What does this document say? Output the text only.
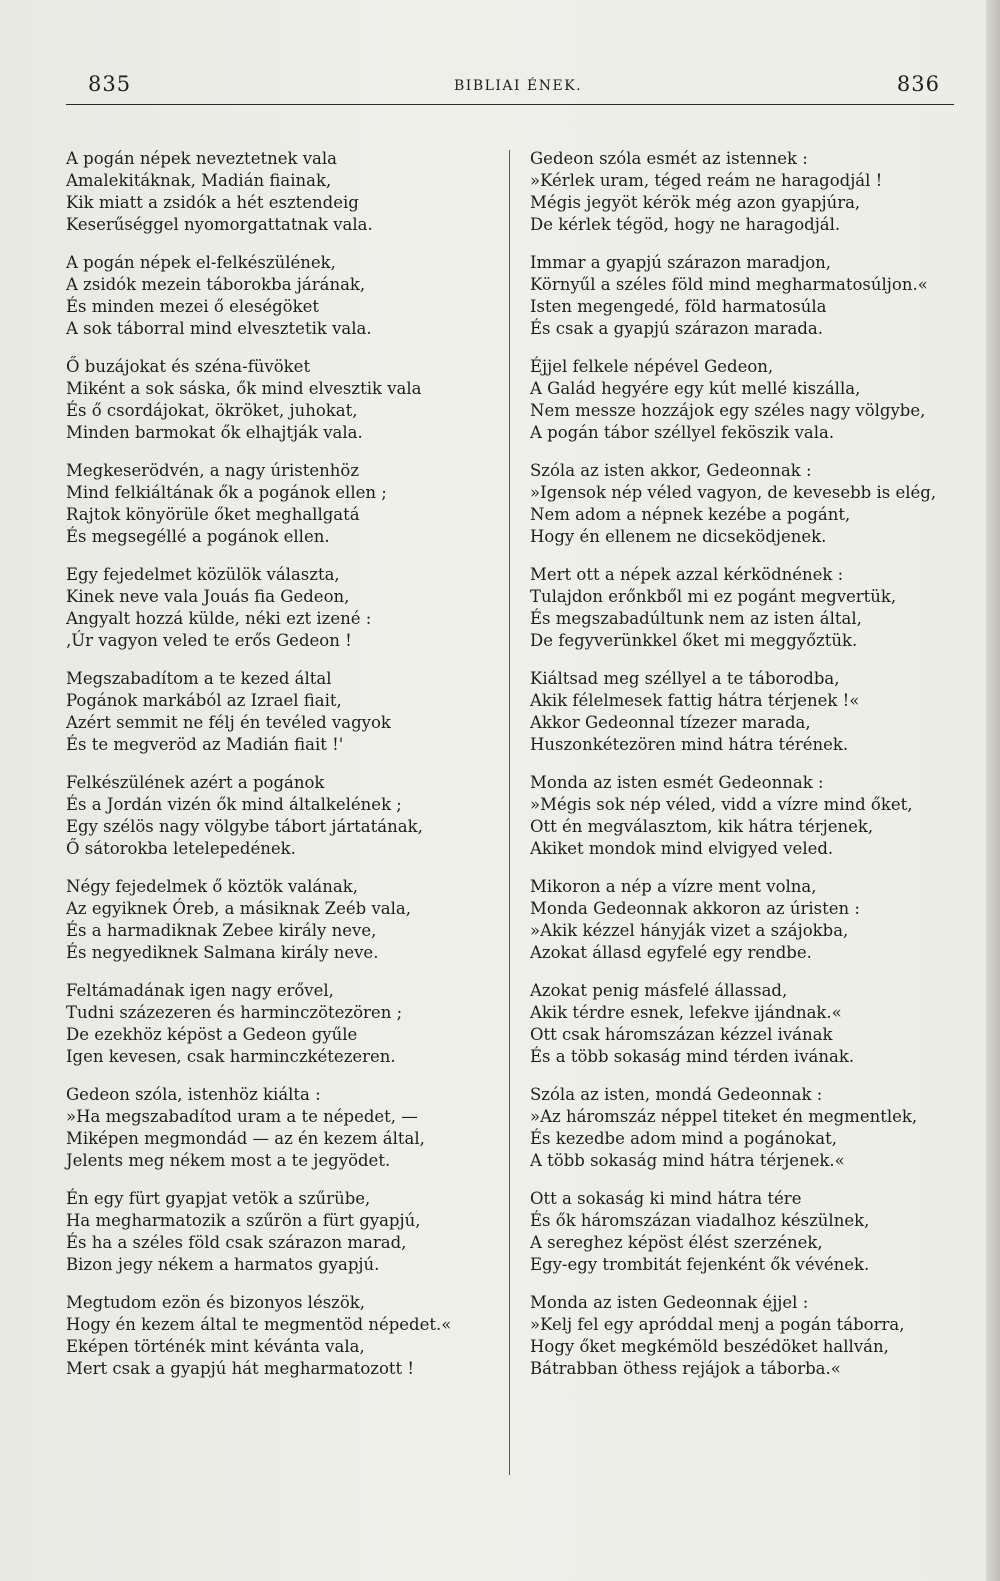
835	BIBLIAI ÉNEK.	836
A pogán népek neveztetnek vala
Amalekitáknak, Madián fiainak,
Kik miatt a zsidók a hét esztendeig
Keserűséggel nyomorgattatnak vala.
A pogán népek el-felkészülének,
A zsidók mezein táborokba járának,
És minden mezei ő eleségöket
A sok táborral mind elvesztetik vala.
Ő buzájokat és széna-füvöket
Miként a sok sáska, ők mind elvesztik vala
És ő csordájokat, ökröket, juhokat,
Minden barmokat ők elhajtják vala.
Megkeserödvén, a nagy úristenhöz
Mind felkiáltának ők a pogánok ellen ;
Rajtok könyörüle őket meghallgatá
És megsegéllé a pogánok ellen.
Egy fejedelmet közülök választa,
Kinek neve vala Jouás fia Gedeon,
Angyalt hozzá külde, néki ezt izené :
‚Úr vagyon veled te erős Gedeon !
Megszabadítom a te kezed által
Pogánok markából az Izrael fiait,
Azért semmit ne félj én tevéled vagyok
És te megveröd az Madián fiait !'
Felkészülének azért a pogánok
És a Jordán vizén ők mind általkelének ;
Egy szélös nagy völgybe tábort jártatának,
Ő sátorokba letelepedének.
Négy fejedelmek ő köztök valának,
Az egyiknek Óreb, a másiknak Zeéb vala,
És a harmadiknak Zebee király neve,
És negyediknek Salmana király neve.
Feltámadának igen nagy erővel,
Tudni százezeren és harminczötezören ;
De ezekhöz képöst a Gedeon gyűle
Igen kevesen, csak harminczkétezeren.
Gedeon szóla, istenhöz kiálta :
»Ha megszabadítod uram a te népedet, —
Miképen megmondád — az én kezem által,
Jelents meg nékem most a te jegyödet.
Én egy fürt gyapjat vetök a szűrübe,
Ha megharmatozik a szűrön a fürt gyapjú,
És ha a széles föld csak szárazon marad,
Bizon jegy nékem a harmatos gyapjú.
Megtudom ezön és bizonyos lészök,
Hogy én kezem által te megmentöd népedet.«
Eképen történék mint kévánta vala,
Mert csak a gyapjú hát megharmatozott !
Gedeon szóla esmét az istennek :
»Kérlek uram, téged reám ne haragodjál !
Mégis jegyöt kérök még azon gyapjúra,
De kérlek tégöd, hogy ne haragodjál.
Immar a gyapjú szárazon maradjon,
Környűl a széles föld mind megharmatosúljon.«
Isten megengedé, föld harmatosúla
És csak a gyapjú szárazon marada.
Éjjel felkele népével Gedeon,
A Galád hegyére egy kút mellé kiszálla,
Nem messze hozzájok egy széles nagy völgybe,
A pogán tábor széllyel feköszik vala.
Szóla az isten akkor, Gedeonnak :
»Igensok nép véled vagyon, de kevesebb is elég,
Nem adom a népnek kezébe a pogánt,
Hogy én ellenem ne dicseködjenek.
Mert ott a népek azzal kérködnének :
Tulajdon erőnkből mi ez pogánt megvertük,
És megszabadúltunk nem az isten által,
De fegyverünkkel őket mi meggyőztük.
Kiáltsad meg széllyel a te táborodba,
Akik félelmesek fattig hátra térjenek !«
Akkor Gedeonnal tízezer marada,
Huszonkétezören mind hátra térének.
Monda az isten esmét Gedeonnak :
»Mégis sok nép véled, vidd a vízre mind őket,
Ott én megválasztom, kik hátra térjenek,
Akiket mondok mind elvigyed veled.
Mikoron a nép a vízre ment volna,
Monda Gedeonnak akkoron az úristen :
»Akik kézzel hányják vizet a szájokba,
Azokat állasd egyfelé egy rendbe.
Azokat penig másfelé állassad,
Akik térdre esnek, lefekve ijándnak.«
Ott csak háromszázan kézzel ivának
És a több sokaság mind térden ivának.
Szóla az isten, mondá Gedeonnak :
»Az háromszáz néppel titeket én megmentlek,
És kezedbe adom mind a pogánokat,
A több sokaság mind hátra térjenek.«
Ott a sokaság ki mind hátra tére
És ők háromszázan viadalhoz készülnek,
A sereghez képöst élést szerzének,
Egy-egy trombitát fejenként ők vévének.
Monda az isten Gedeonnak éjjel :
»Kelj fel egy apróddal menj a pogán táborra,
Hogy őket megkémöld beszédöket hallván,
Bátrabban öthess rejájok a táborba.«
